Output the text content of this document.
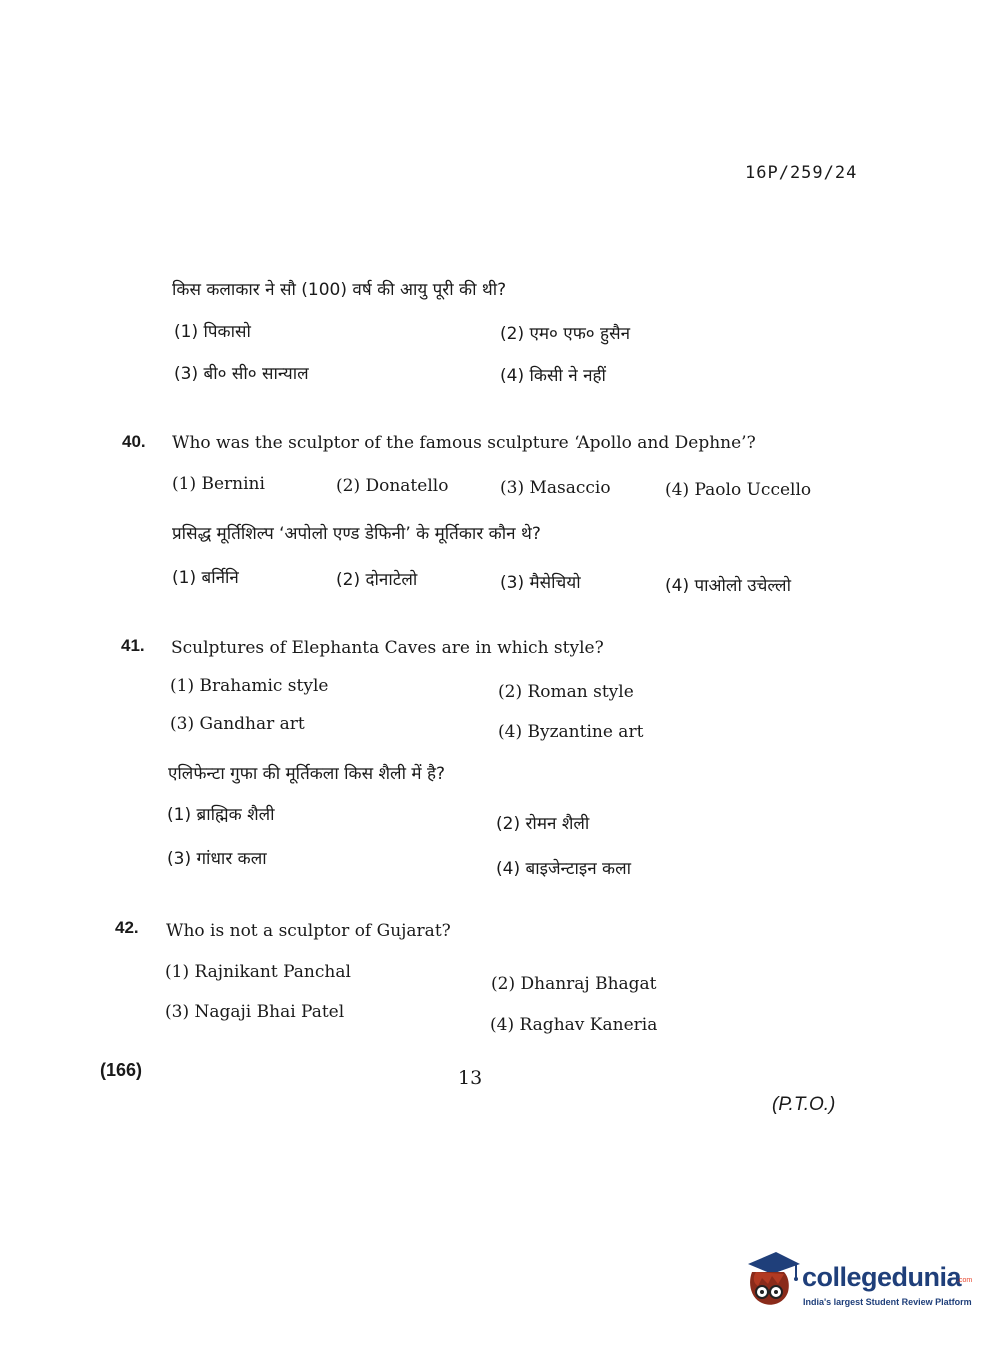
16P/259/24
किस कलाकार ने सौ (100) वर्ष की आयु पूरी की थी?
(1) पिकासो	(2) एम० एफ० हुसैन
(3) बी० सी० सान्याल	(4) किसी ने नहीं
40. Who was the sculptor of the famous sculpture ‘Apollo and Dephne’?
(1) Bernini	(2) Donatello	(3) Masaccio	(4) Paolo Uccello
प्रसिद्ध मूर्तिशिल्प ‘अपोलो एण्ड डेफिनी’ के मूर्तिकार कौन थे?
(1) बर्निनि	(2) दोनाटेलो	(3) मैसेचियो	(4) पाओलो उचेल्लो
41. Sculptures of Elephanta Caves are in which style?
(1) Brahamic style	(2) Roman style
(3) Gandhar art	(4) Byzantine art
एलिफेन्टा गुफा की मूर्तिकला किस शैली में है?
(1) ब्राह्मिक शैली	(2) रोमन शैली
(3) गांधार कला	(4) बाइजेन्टाइन कला
42. Who is not a sculptor of Gujarat?
(1) Rajnikant Panchal
(2) Dhanraj Bhagat
(3) Nagaji Bhai Patel
(4) Raghav Kaneria
(166)	13
(P.T.O.)
collegedunia
.com
India's largest Student Review Platform
